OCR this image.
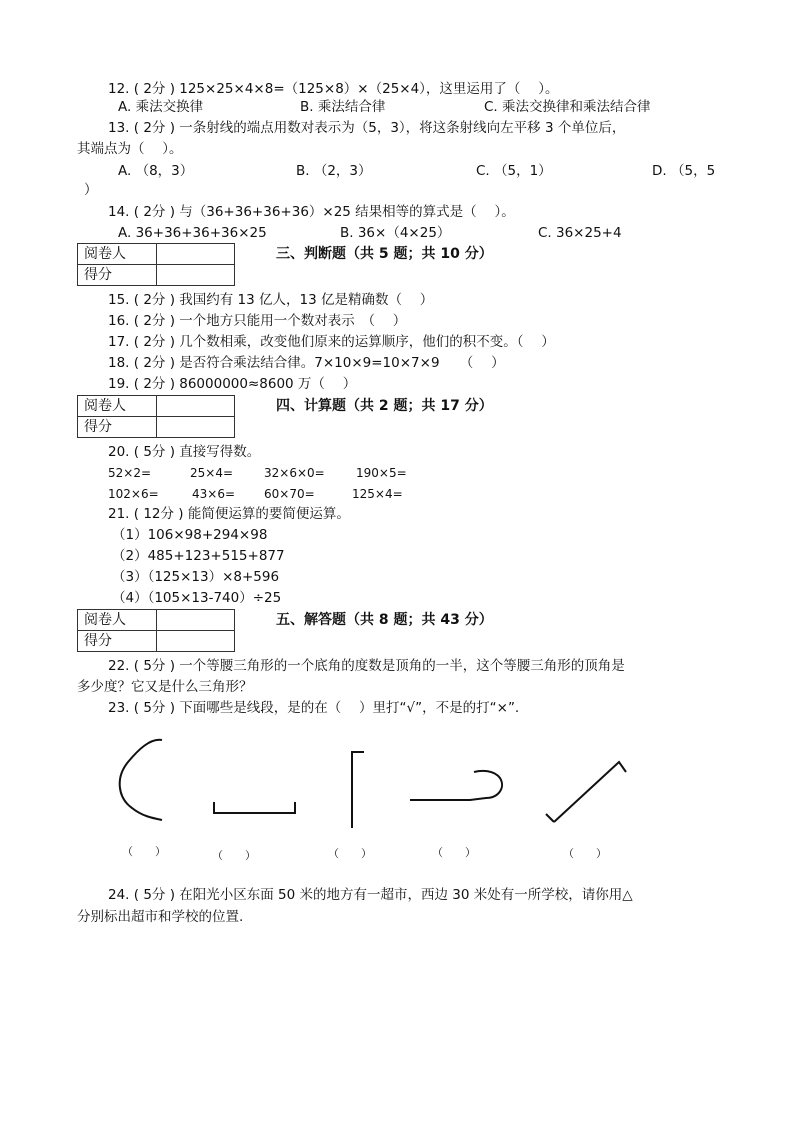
12. ( 2分 ) 125×25×4×8=（125×8）×（25×4），这里运用了（　 ）。
A. 乘法交换律	B. 乘法结合律	C. 乘法交换律和乘法结合律
13. ( 2分 ) 一条射线的端点用数对表示为（5，3），将这条射线向左平移 3 个单位后，
其端点为（　 ）。
A. （8，3）	B. （2，3）	C. （5，1）	D. （5，5
）
14. ( 2分 ) 与（36+36+36+36）×25 结果相等的算式是（　 ）。
A. 36+36+36+36×25	B. 36×（4×25）	C. 36×25+4
阅卷人	
得分	
三、判断题（共 5 题；共 10 分）
15. ( 2分 ) 我国约有 13 亿人，13 亿是精确数（　 ）
16. ( 2分 ) 一个地方只能用一个数对表示　（　 ）
17. ( 2分 ) 几个数相乘，改变他们原来的运算顺序，他们的积不变。（　 ）
18. ( 2分 ) 是否符合乘法结合律。7×10×9=10×7×9　　（　 ）
19. ( 2分 ) 86000000≈8600 万（　 ）
阅卷人	
得分	
四、计算题（共 2 题；共 17 分）
20. ( 5分 ) 直接写得数。
52×2=	25×4=	32×6×0=	190×5=
102×6=	43×6= 60×70=	125×4=
21. ( 12分 ) 能简便运算的要简便运算。
（1）106×98+294×98
（2）485+123+515+877
（3）（125×13）×8+596
（4）（105×13-740）÷25
阅卷人	
得分	
五、解答题（共 8 题；共 43 分）
22. ( 5分 ) 一个等腰三角形的一个底角的度数是顶角的一半，这个等腰三角形的顶角是
多少度？它又是什么三角形？
23. ( 5分 ) 下面哪些是线段，是的在（　 ）里打“√”，不是的打“×”.
（　　）	（　　）	（　　）	（　　）	（　　）
24. ( 5分 ) 在阳光小区东面 50 米的地方有一超市，西边 30 米处有一所学校，请你用△
分别标出超市和学校的位置.
